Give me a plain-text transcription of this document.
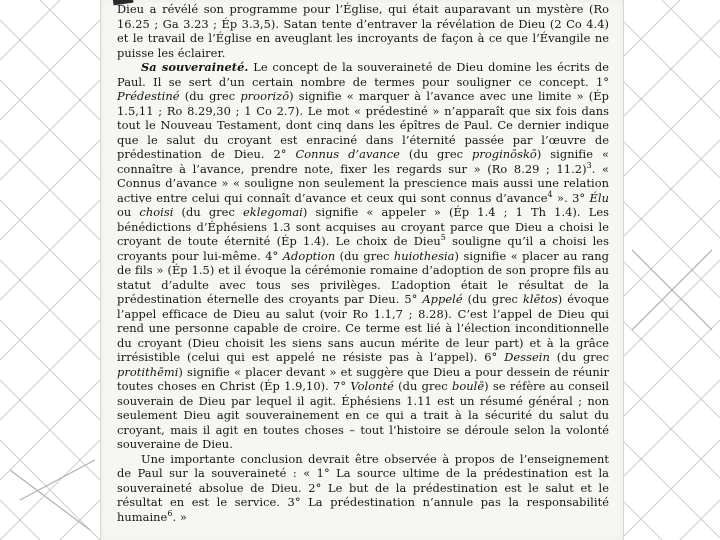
Dieu a révélé son programme pour l’Église, qui était auparavant un mystère (Ro 16.25 ; Ga 3.23 ; Ép 3.3,5). Satan tente d’entraver la révélation de Dieu (2 Co 4.4) et le travail de l’Église en aveuglant les incroyants de façon à ce que l’Évangile ne puisse les éclairer.

Sa souveraineté. Le concept de la souveraineté de Dieu domine les écrits de Paul. Il se sert d’un certain nombre de termes pour souligner ce concept. 1° Prédestiné (du grec proorizō) signifie « marquer à l’avance avec une limite » (Ép 1.5,11 ; Ro 8.29,30 ; 1 Co 2.7). Le mot « prédestiné » n’apparaît que six fois dans tout le Nouveau Testament, dont cinq dans les épîtres de Paul. Ce dernier indique que le salut du croyant est enraciné dans l’éternité passée par l’œuvre de prédestination de Dieu. 2° Connus d’avance (du grec proginōskō) signifie « connaître à l’avance, prendre note, fixer les regards sur » (Ro 8.29 ; 11.2)$^3$. « Connus d’avance » « souligne non seulement la prescience mais aussi une relation active entre celui qui connaît d’avance et ceux qui sont connus d’avance$^4$ ». 3° Élu ou choisi (du grec eklegomai) signifie « appeler » (Ép 1.4 ; 1 Th 1.4). Les bénédictions d’Éphésiens 1.3 sont acquises au croyant parce que Dieu a choisi le croyant de toute éternité (Ép 1.4). Le choix de Dieu$^5$ souligne qu’il a choisi les croyants pour lui-même. 4° Adoption (du grec huiothesia) signifie « placer au rang de fils » (Ép 1.5) et il évoque la cérémonie romaine d’adoption de son propre fils au statut d’adulte avec tous ses privilèges. L’adoption était le résultat de la prédestination éternelle des croyants par Dieu. 5° Appelé (du grec klētos) évoque l’appel efficace de Dieu au salut (voir Ro 1.1,7 ; 8.28). C’est l’appel de Dieu qui rend une personne capable de croire. Ce terme est lié à l’élection inconditionnelle du croyant (Dieu choisit les siens sans aucun mérite de leur part) et à la grâce irrésistible (celui qui est appelé ne résiste pas à l’appel). 6° Dessein (du grec protithēmi) signifie « placer devant » et suggère que Dieu a pour dessein de réunir toutes choses en Christ (Ép 1.9,10). 7° Volonté (du grec boulē) se réfère au conseil souverain de Dieu par lequel il agit. Éphésiens 1.11 est un résumé général ; non seulement Dieu agit souverainement en ce qui a trait à la sécurité du salut du croyant, mais il agit en toutes choses – tout l’histoire se déroule selon la volonté souveraine de Dieu.

Une importante conclusion devrait être observée à propos de l’enseignement de Paul sur la souveraineté : « 1° La source ultime de la prédestination est la souveraineté absolue de Dieu. 2° Le but de la prédestination est le salut et le résultat en est le service. 3° La prédestination n’annule pas la responsabilité humaine$^6$. »
